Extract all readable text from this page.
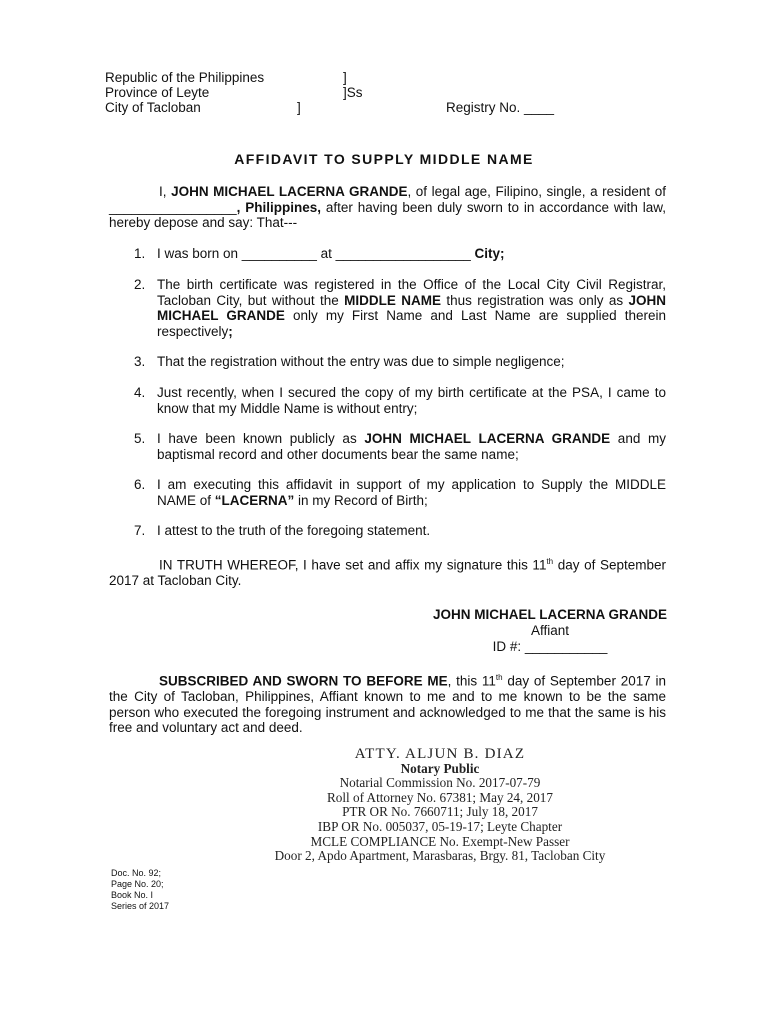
Republic of the Philippines	]
Province of Leyte	]Ss
City of Tacloban	]	Registry No. ____
AFFIDAVIT TO SUPPLY MIDDLE NAME
I, JOHN MICHAEL LACERNA GRANDE, of legal age, Filipino, single, a resident of _________________, Philippines, after having been duly sworn to in accordance with law, hereby depose and say: That---
1. I was born on __________ at __________________ City;
2. The birth certificate was registered in the Office of the Local City Civil Registrar, Tacloban City, but without the MIDDLE NAME thus registration was only as JOHN MICHAEL GRANDE only my First Name and Last Name are supplied therein respectively;
3. That the registration without the entry was due to simple negligence;
4. Just recently, when I secured the copy of my birth certificate at the PSA, I came to know that my Middle Name is without entry;
5. I have been known publicly as JOHN MICHAEL LACERNA GRANDE and my baptismal record and other documents bear the same name;
6. I am executing this affidavit in support of my application to Supply the MIDDLE NAME of “LACERNA” in my Record of Birth;
7. I attest to the truth of the foregoing statement.
IN TRUTH WHEREOF, I have set and affix my signature this 11th day of September 2017 at Tacloban City.
JOHN MICHAEL LACERNA GRANDE
Affiant
ID #: ___________
SUBSCRIBED AND SWORN TO BEFORE ME, this 11th day of September 2017 in the City of Tacloban, Philippines, Affiant known to me and to me known to be the same person who executed the foregoing instrument and acknowledged to me that the same is his free and voluntary act and deed.
ATTY. ALJUN B. DIAZ
Notary Public
Notarial Commission No. 2017-07-79
Roll of Attorney No. 67381; May 24, 2017
PTR OR No. 7660711; July 18, 2017
IBP OR No. 005037, 05-19-17; Leyte Chapter
MCLE COMPLIANCE No. Exempt-New Passer
Door 2, Apdo Apartment, Marasbaras, Brgy. 81, Tacloban City
Doc. No. 92;
Page No. 20;
Book No. I
Series of 2017
